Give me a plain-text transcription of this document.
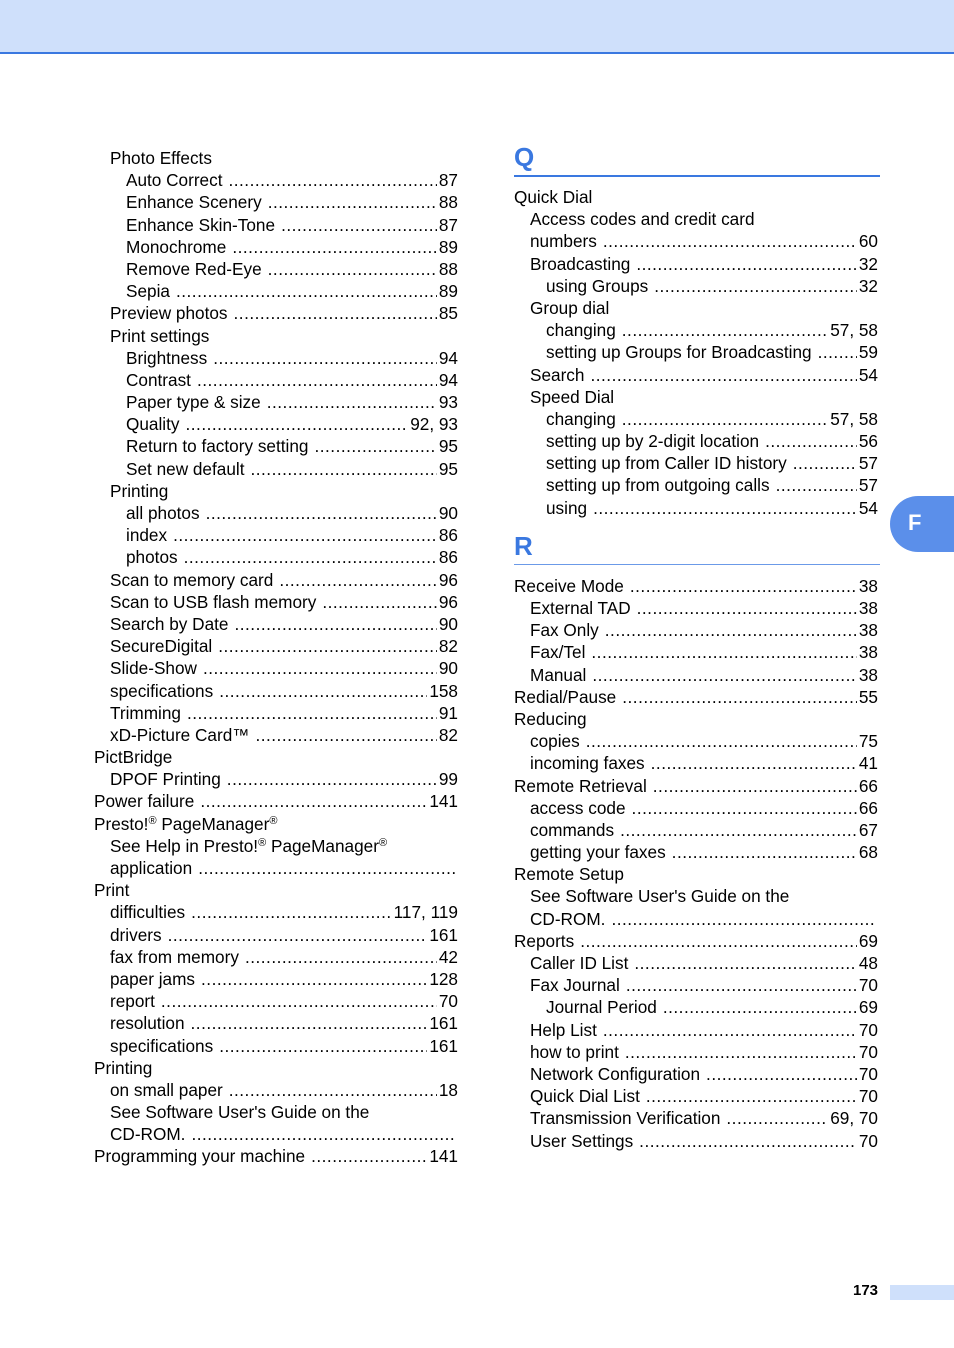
Photo Effects
Auto Correct .....	87
Enhance Scenery .....	88
Enhance Skin-Tone .....	87
Monochrome .....	89
Remove Red-Eye .....	88
Sepia .....	89
Preview photos .....	85
Print settings
Brightness .....	94
Contrast .....	94
Paper type & size .....	93
Quality .....	92, 93
Return to factory setting .....	95
Set new default .....	95
Printing
all photos .....	90
index .....	86
photos .....	86
Scan to memory card .....	96
Scan to USB flash memory .....	96
Search by Date .....	90
SecureDigital .....	82
Slide-Show .....	90
specifications .....	158
Trimming .....	91
xD-Picture Card™ .....	82
PictBridge
DPOF Printing .....	99
Power failure .....	141
Presto!® PageManager®
See Help in Presto!® PageManager®
application
.....
Print
difficulties .....	117, 119
drivers .....	161
fax from memory .....	42
paper jams .....	128
report .....	70
resolution .....	161
specifications .....	161
Printing
on small paper .....	18
See Software User's Guide on the
CD-ROM.
.....
Programming your machine .....	141
Q
Quick Dial
Access codes and credit card
numbers .....	60
Broadcasting .....	32
using Groups .....	32
Group dial
changing .....	57, 58
setting up Groups for Broadcasting .....	59
Search .....	54
Speed Dial
changing .....	57, 58
setting up by 2-digit location .....	56
setting up from Caller ID history .....	57
setting up from outgoing calls .....	57
using .....	54
R
Receive Mode .....	38
External TAD .....	38
Fax Only .....	38
Fax/Tel .....	38
Manual .....	38
Redial/Pause .....	55
Reducing
copies .....	75
incoming faxes .....	41
Remote Retrieval .....	66
access code .....	66
commands .....	67
getting your faxes .....	68
Remote Setup
See Software User's Guide on the
CD-ROM.
.....
Reports .....	69
Caller ID List .....	48
Fax Journal .....	70
Journal Period .....	69
Help List .....	70
how to print .....	70
Network Configuration .....	70
Quick Dial List .....	70
Transmission Verification .....	69, 70
User Settings .....	70
F
173
